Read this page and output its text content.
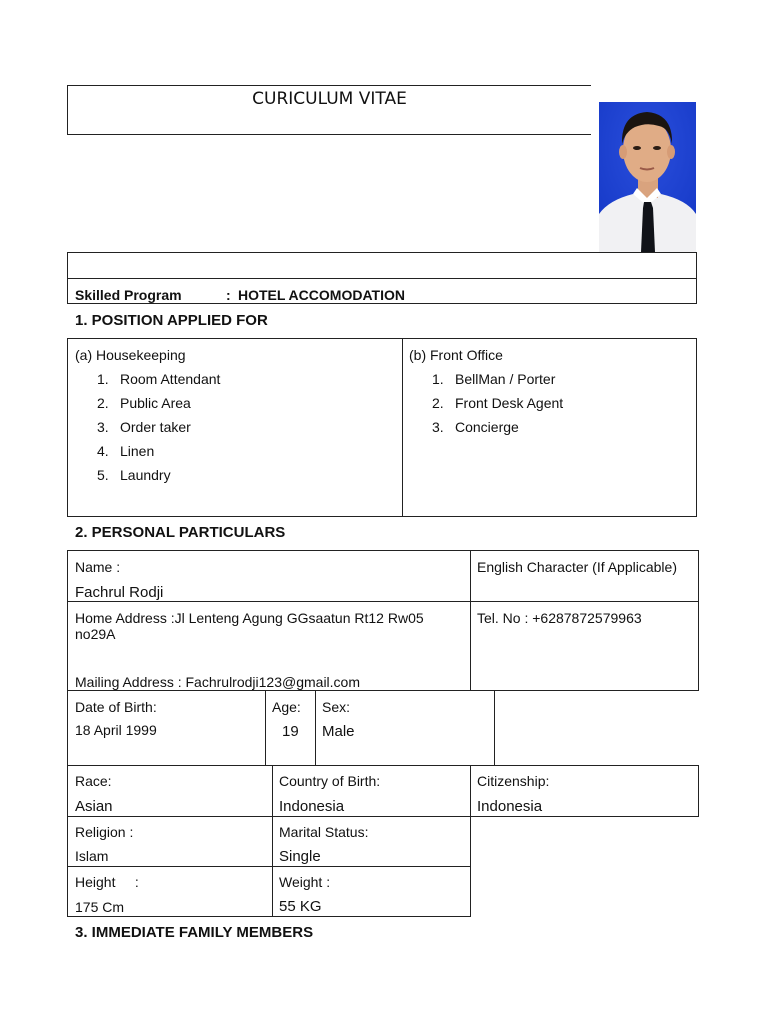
CURICULUM VITAE
Skilled Program	: HOTEL ACCOMODATION
1. POSITION APPLIED FOR
(a) Housekeeping
1. Room Attendant
2. Public Area
3. Order taker
4. Linen
5. Laundry
(b) Front Office
1. BellMan / Porter
2. Front Desk Agent
3. Concierge
2. PERSONAL PARTICULARS
Name :
Fachrul Rodji
English Character (If Applicable)
Home Address :Jl Lenteng Agung GGsaatun Rt12 Rw05
no29A
Mailing Address : Fachrulrodji123@gmail.com
Tel. No : +6287872579963
Date of Birth:
18 April 1999
Age:
19
Sex:
Male
Race:
Asian
Country of Birth:
Indonesia
Citizenship:
Indonesia
Religion :
Islam
Marital Status:
Single
Height     :
175 Cm
Weight :
55 KG
3. IMMEDIATE FAMILY MEMBERS
